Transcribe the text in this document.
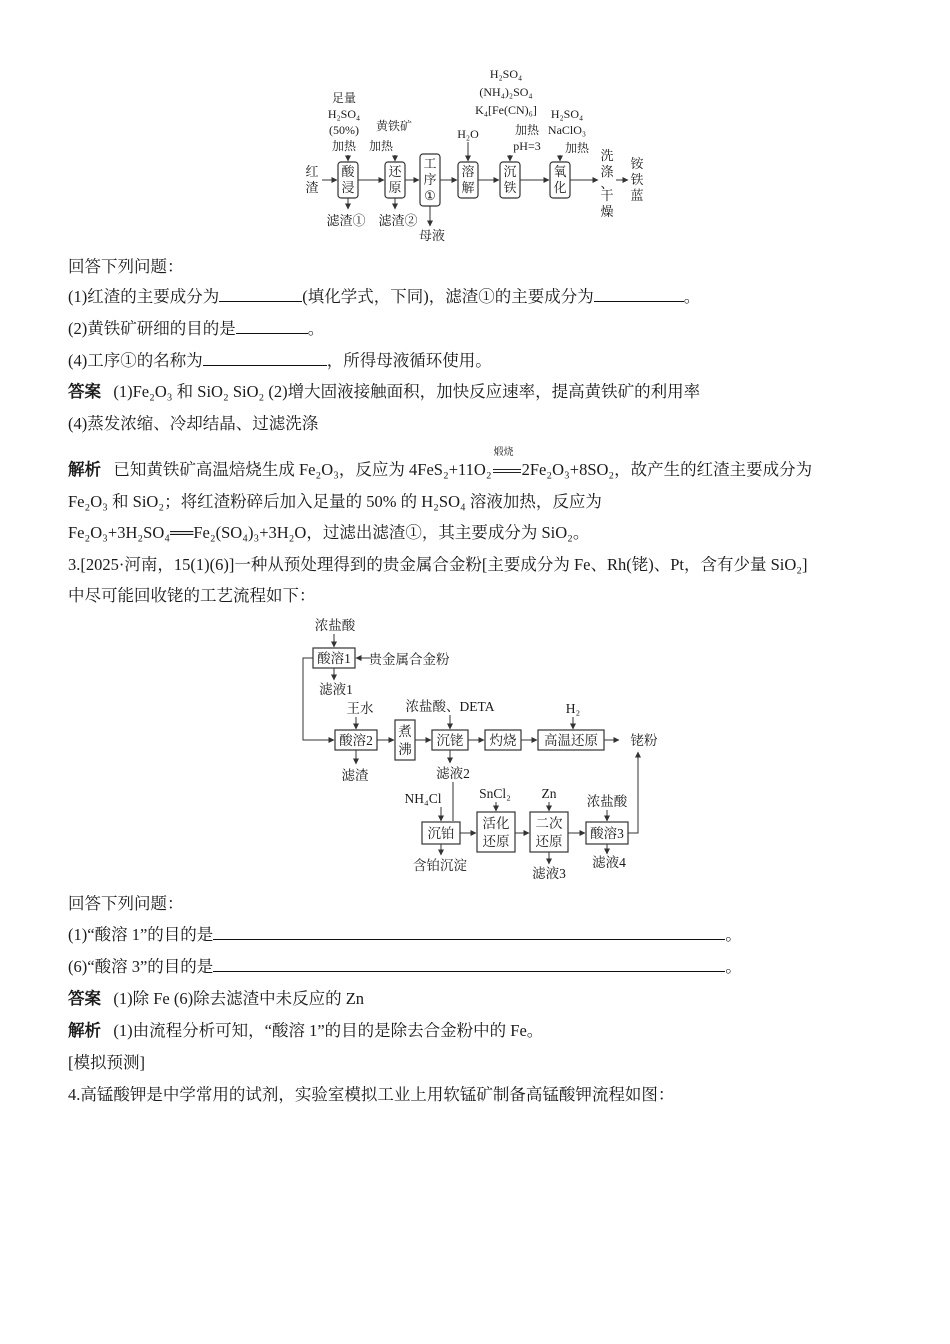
足量
H₂SO₄
(50%)
加热
黄铁矿
加热
H₂O
H₂SO₄
(NH₄)₂SO₄
K₄[Fe(CN)₆]
加热
pH=3
H₂SO₄
NaClO₃
加热
红
渣
酸
浸
还
原
工
序
①
溶
解
沉
铁
氧
化
洗
涤
、
干
燥
铵
铁
蓝
滤渣① 滤渣②
母液
回答下列问题：
(1)红渣的主要成分为	(填化学式，下同)，滤渣①的主要成分为	。
(2)黄铁矿研细的目的是	。
(4)工序①的名称为	，所得母液循环使用。
答案 (1)Fe₂O₃ 和 SiO₂ SiO₂ (2)增大固液接触面积，加快反应速率，提高黄铁矿的利用率
(4)蒸发浓缩、冷却结晶、过滤洗涤
解析 已知黄铁矿高温焙烧生成 Fe₂O₃，反应为 4FeS₂+11O₂
煅烧
2Fe₂O₃+8SO₂，故产生的红渣主要成分为
Fe₂O₃ 和 SiO₂；将红渣粉碎后加入足量的 50% 的 H₂SO₄ 溶液加热，反应为
Fe₂O₃+3H₂SO₄══Fe₂(SO₄)₃+3H₂O，过滤出滤渣①，其主要成分为 SiO₂。
3.[2025·河南，15(1)(6)]一种从预处理得到的贵金属合金粉[主要成分为 Fe、Rh(铑)、Pt，含有少量 SiO₂]
中尽可能回收铑的工艺流程如下：
浓盐酸
贵金属合金粉
滤液1
王水
滤渣
浓盐酸、DETA
滤液2
H₂
铑粉
NH₄Cl	SnCl₂ Zn
浓盐酸
含铂沉淀
滤液3
滤液4
酸溶1
酸溶2
煮
沸
沉铑 灼烧 高温还原
沉铂
活化
还原
二次
还原
酸溶3
回答下列问题：
(1)“酸溶 1”的目的是	。
(6)“酸溶 3”的目的是	。
答案 (1)除 Fe (6)除去滤渣中未反应的 Zn
解析 (1)由流程分析可知，“酸溶 1”的目的是除去合金粉中的 Fe。
[模拟预测]
4.高锰酸钾是中学常用的试剂，实验室模拟工业上用软锰矿制备高锰酸钾流程如图：
